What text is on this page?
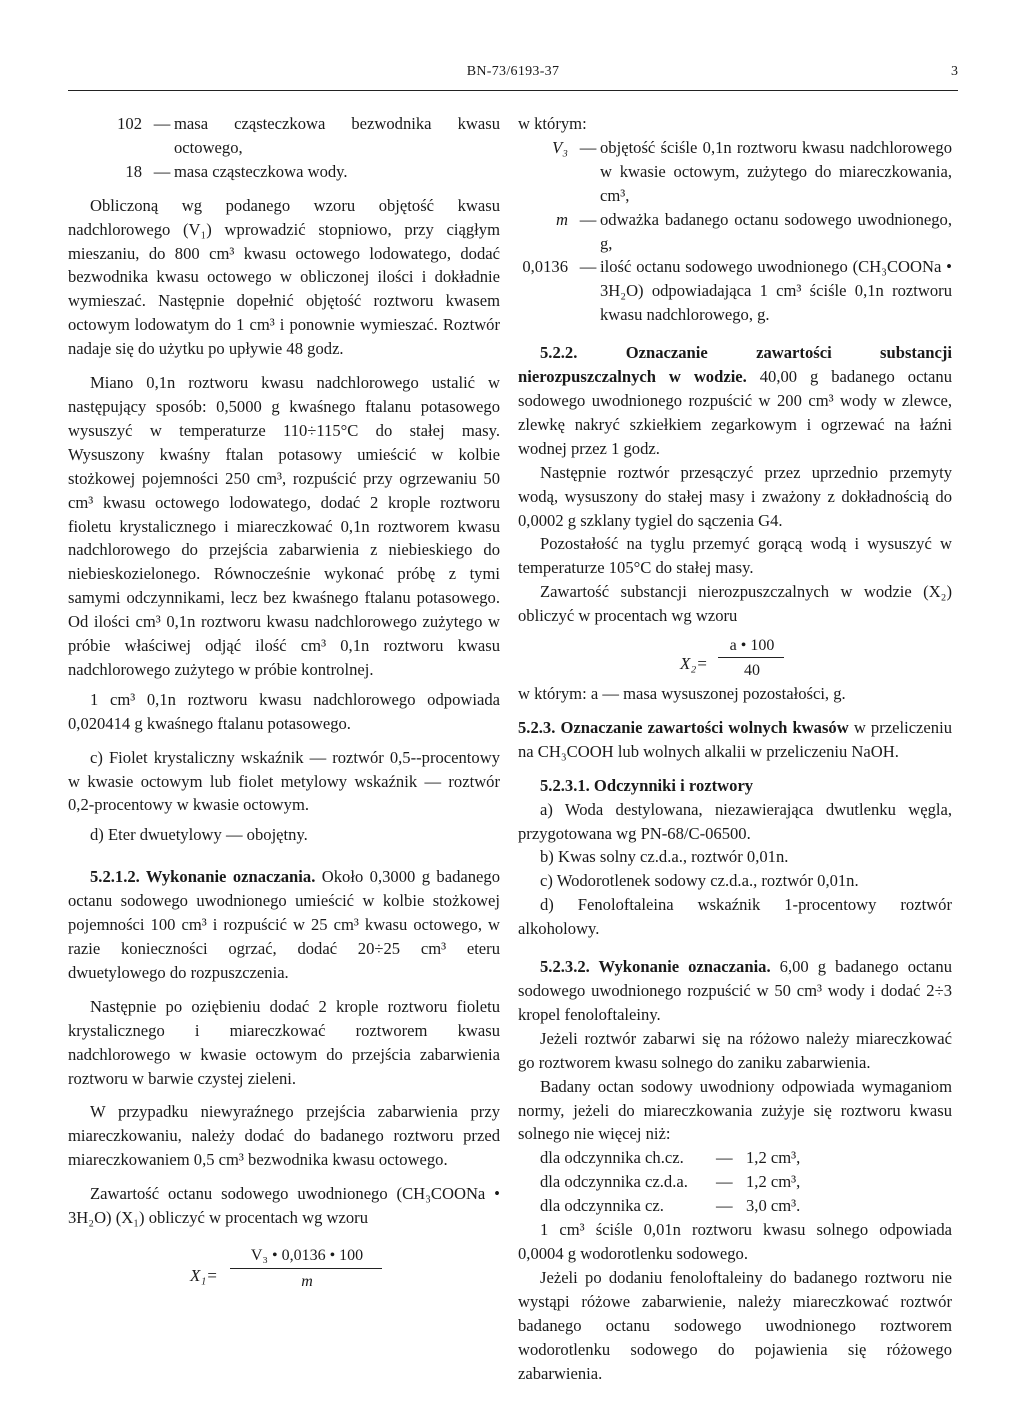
BN-73/6193-37	3
102 — masa cząsteczkowa bezwodnika kwasu octowego,
18 — masa cząsteczkowa wody.

Obliczoną wg podanego wzoru objętość kwasu nadchlorowego (V₁) wprowadzić stopniowo, przy ciągłym mieszaniu, do 800 cm³ kwasu octowego lodowatego, dodać bezwodnika kwasu octowego w obliczonej ilości i dokładnie wymieszać. Następnie dopełnić objętość roztworu kwasem octowym lodowatym do 1 cm³ i ponownie wymieszać. Roztwór nadaje się do użytku po upływie 48 godz.

Miano 0,1n roztworu kwasu nadchlorowego ustalić w następujący sposób: 0,5000 g kwaśnego ftalanu potasowego wysuszyć w temperaturze 110÷115°C do stałej masy. Wysuszony kwaśny ftalan potasowy umieścić w kolbie stożkowej pojemności 250 cm³, rozpuścić przy ogrzewaniu 50 cm³ kwasu octowego lodowatego, dodać 2 krople roztworu fioletu krystalicznego i miareczkować 0,1n roztworem kwasu nadchlorowego do przejścia zabarwienia z niebieskiego do niebieskozielonego. Równocześnie wykonać próbę z tymi samymi odczynnikami, lecz bez kwaśnego ftalanu potasowego. Od ilości cm³ 0,1n roztworu kwasu nadchlorowego zużytego w próbie właściwej odjąć ilość cm³ 0,1n roztworu kwasu nadchlorowego zużytego w próbie kontrolnej.

1 cm³ 0,1n roztworu kwasu nadchlorowego odpowiada 0,020414 g kwaśnego ftalanu potasowego.

c) Fiolet krystaliczny wskaźnik — roztwór 0,5--procentowy w kwasie octowym lub fiolet metylowy wskaźnik — roztwór 0,2-procentowy w kwasie octowym.

d) Eter dwuetylowy — obojętny.

5.2.1.2. Wykonanie oznaczania. Około 0,3000 g badanego octanu sodowego uwodnionego umieścić w kolbie stożkowej pojemności 100 cm³ i rozpuścić w 25 cm³ kwasu octowego, w razie konieczności ogrzać, dodać 20÷25 cm³ eteru dwuetylowego do rozpuszczenia.

Następnie po oziębieniu dodać 2 krople roztworu fioletu krystalicznego i miareczkować roztworem kwasu nadchlorowego w kwasie octowym do przejścia zabarwienia roztworu w barwie czystej zieleni.

W przypadku niewyraźnego przejścia zabarwienia przy miareczkowaniu, należy dodać do badanego roztworu przed miareczkowaniem 0,5 cm³ bezwodnika kwasu octowego.

Zawartość octanu sodowego uwodnionego (CH₃COONa • 3H₂O) (X₁) obliczyć w procentach wg wzoru

X₁=
V₃ • 0,0136 • 100
m

w którym:

V₃ — objętość ściśle 0,1n roztworu kwasu nadchlorowego w kwasie octowym, zużytego do miareczkowania, cm³,
m — odważka badanego octanu sodowego uwodnionego, g,
0,0136 — ilość octanu sodowego uwodnionego (CH₃COONa • 3H₂O) odpowiadająca 1 cm³ ściśle 0,1n roztworu kwasu nadchlorowego, g.

5.2.2. Oznaczanie zawartości substancji nierozpuszczalnych w wodzie. 40,00 g badanego octanu sodowego uwodnionego rozpuścić w 200 cm³ wody w zlewce, zlewkę nakryć szkiełkiem zegarkowym i ogrzewać na łaźni wodnej przez 1 godz.

Następnie roztwór przesączyć przez uprzednio przemyty wodą, wysuszony do stałej masy i zważony z dokładnością do 0,0002 g szklany tygiel do sączenia G4.

Pozostałość na tyglu przemyć gorącą wodą i wysuszyć w temperaturze 105°C do stałej masy.

Zawartość substancji nierozpuszczalnych w wodzie (X₂) obliczyć w procentach wg wzoru

X₂=
a • 100
40

w którym: a — masa wysuszonej pozostałości, g.

5.2.3. Oznaczanie zawartości wolnych kwasów w przeliczeniu na CH₃COOH lub wolnych alkalii w przeliczeniu NaOH.

5.2.3.1. Odczynniki i roztwory

a) Woda destylowana, niezawierająca dwutlenku węgla, przygotowana wg PN-68/C-06500.

b) Kwas solny cz.d.a., roztwór 0,01n.

c) Wodorotlenek sodowy cz.d.a., roztwór 0,01n.

d) Fenoloftaleina wskaźnik 1-procentowy roztwór alkoholowy.

5.2.3.2. Wykonanie oznaczania. 6,00 g badanego octanu sodowego uwodnionego rozpuścić w 50 cm³ wody i dodać 2÷3 kropel fenoloftaleiny.

Jeżeli roztwór zabarwi się na różowo należy miareczkować go roztworem kwasu solnego do zaniku zabarwienia.

Badany octan sodowy uwodniony odpowiada wymaganiom normy, jeżeli do miareczkowania zużyje się roztworu kwasu solnego nie więcej niż:

dla odczynnika ch.cz.	— 1,2 cm³,
dla odczynnika cz.d.a.	— 1,2 cm³,
dla odczynnika cz.	— 3,0 cm³.

1 cm³ ściśle 0,01n roztworu kwasu solnego odpowiada 0,0004 g wodorotlenku sodowego.

Jeżeli po dodaniu fenoloftaleiny do badanego roztworu nie wystąpi różowe zabarwienie, należy miareczkować roztwór badanego octanu sodowego uwodnionego roztworem wodorotlenku sodowego do pojawienia się różowego zabarwienia.
